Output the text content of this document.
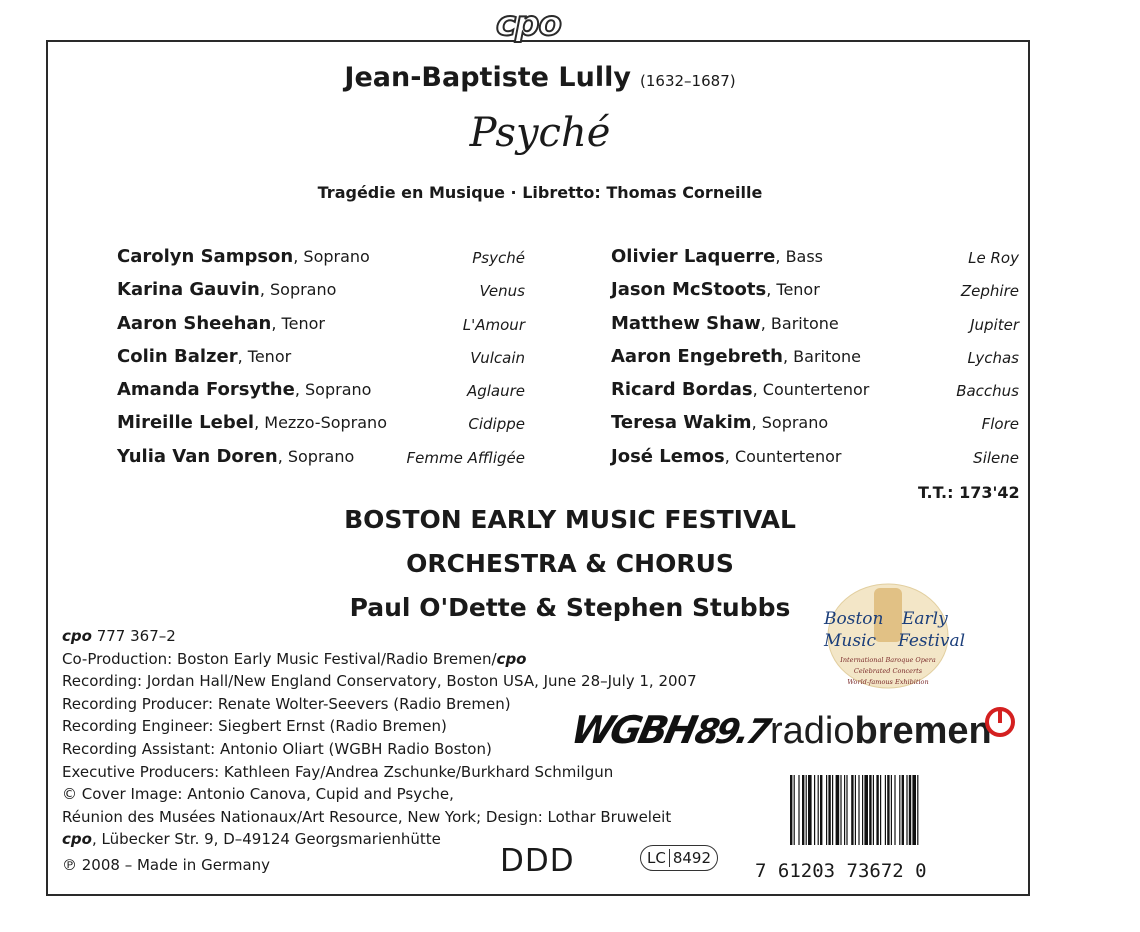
cpo
Jean-Baptiste Lully (1632–1687)
Psyché
Tragédie en Musique · Libretto: Thomas Corneille
Carolyn Sampson, Soprano	Psyché
Karina Gauvin, Soprano	Venus
Aaron Sheehan, Tenor	L'Amour
Colin Balzer, Tenor	Vulcain
Amanda Forsythe, Soprano	Aglaure
Mireille Lebel, Mezzo-Soprano	Cidippe
Yulia Van Doren, Soprano	Femme Affligée
Olivier Laquerre, Bass	Le Roy
Jason McStoots, Tenor	Zephire
Matthew Shaw, Baritone	Jupiter
Aaron Engebreth, Baritone	Lychas
Ricard Bordas, Countertenor	Bacchus
Teresa Wakim, Soprano	Flore
José Lemos, Countertenor	Silene
T.T.: 173'42
BOSTON EARLY MUSIC FESTIVAL
ORCHESTRA & CHORUS
Paul O'Dette & Stephen Stubbs
cpo 777 367–2
Co-Production: Boston Early Music Festival/Radio Bremen/cpo
Recording: Jordan Hall/New England Conservatory, Boston USA, June 28–July 1, 2007
Recording Producer: Renate Wolter-Seevers (Radio Bremen)
Recording Engineer: Siegbert Ernst (Radio Bremen)
Recording Assistant: Antonio Oliart (WGBH Radio Boston)
Executive Producers: Kathleen Fay/Andrea Zschunke/Burkhard Schmilgun
© Cover Image: Antonio Canova, Cupid and Psyche,
Réunion des Musées Nationaux/Art Resource, New York; Design: Lothar Bruweleit
cpo, Lübecker Str. 9, D–49124 Georgsmarienhütte
℗ 2008 – Made in Germany	DDD	LC 8492
Boston Early
Music Festival
International Baroque Opera
Celebrated Concerts
World-famous Exhibition
WGBH89.7
radiobremen
7 61203 73672 0
